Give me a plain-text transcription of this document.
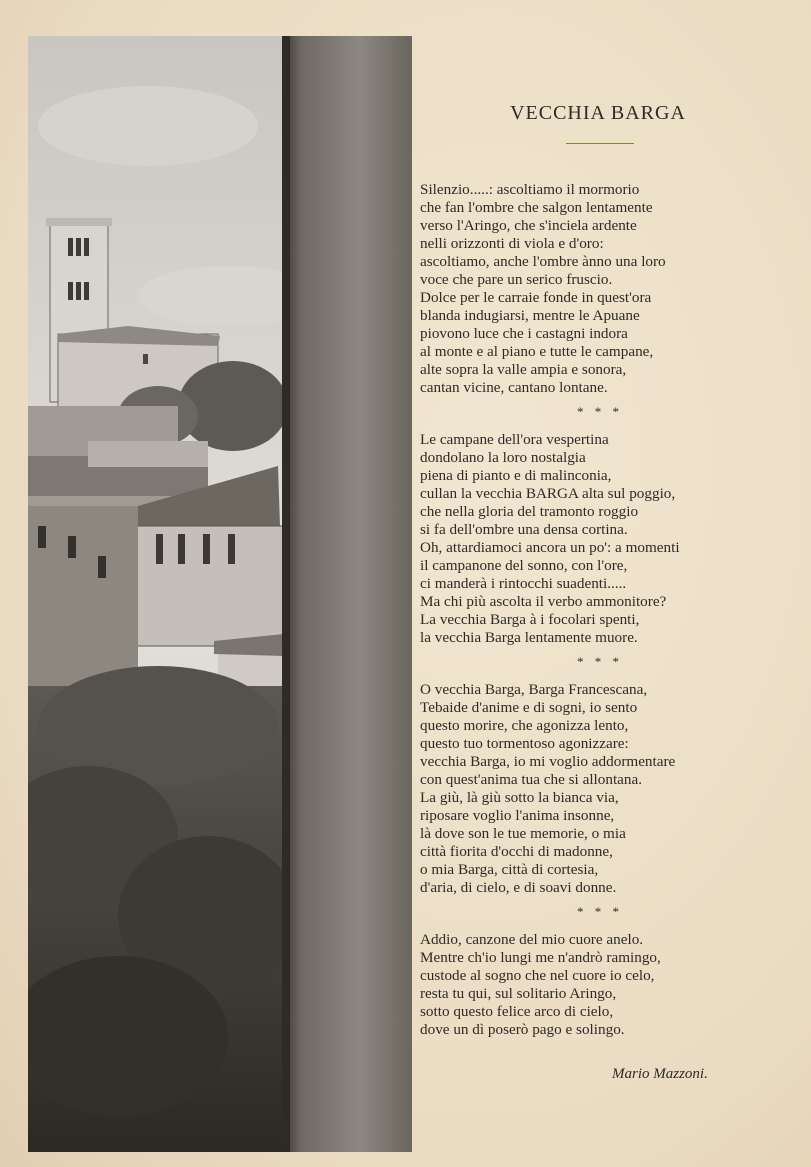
VECCHIA BARGA
Silenzio.....: ascoltiamo il mormorio
che fan l'ombre che salgon lentamente
verso l'Aringo, che s'inciela ardente
nelli orizzonti di viola e d'oro:
ascoltiamo, anche l'ombre ànno una loro
voce che pare un serico fruscio.
Dolce per le carraie fonde in quest'ora
blanda indugiarsi, mentre le Apuane
piovono luce che i castagni indora
al monte e al piano e tutte le campane,
alte sopra la valle ampia e sonora,
cantan vicine, cantano lontane.
* * *
Le campane dell'ora vespertina
dondolano la loro nostalgia
piena di pianto e di malinconia,
cullan la vecchia BARGA alta sul poggio,
che nella gloria del tramonto roggio
si fa dell'ombre una densa cortina.
Oh, attardiamoci ancora un po': a momenti
il campanone del sonno, con l'ore,
ci manderà i rintocchi suadenti.....
Ma chi più ascolta il verbo ammonitore?
La vecchia Barga à i focolari spenti,
la vecchia Barga lentamente muore.
* * *
O vecchia Barga, Barga Francescana,
Tebaide d'anime e di sogni, io sento
questo morire, che agonizza lento,
questo tuo tormentoso agonizzare:
vecchia Barga, io mi voglio addormentare
con quest'anima tua che si allontana.
La giù, là giù sotto la bianca via,
riposare voglio l'anima insonne,
là dove son le tue memorie, o mia
città fiorita d'occhi di madonne,
o mia Barga, città di cortesia,
d'aria, di cielo, e di soavi donne.
* * *
Addio, canzone del mio cuore anelo.
Mentre ch'io lungi me n'andrò ramingo,
custode al sogno che nel cuore io celo,
resta tu qui, sul solitario Aringo,
sotto questo felice arco di cielo,
dove un dì poserò pago e solingo.
Mario Mazzoni.
